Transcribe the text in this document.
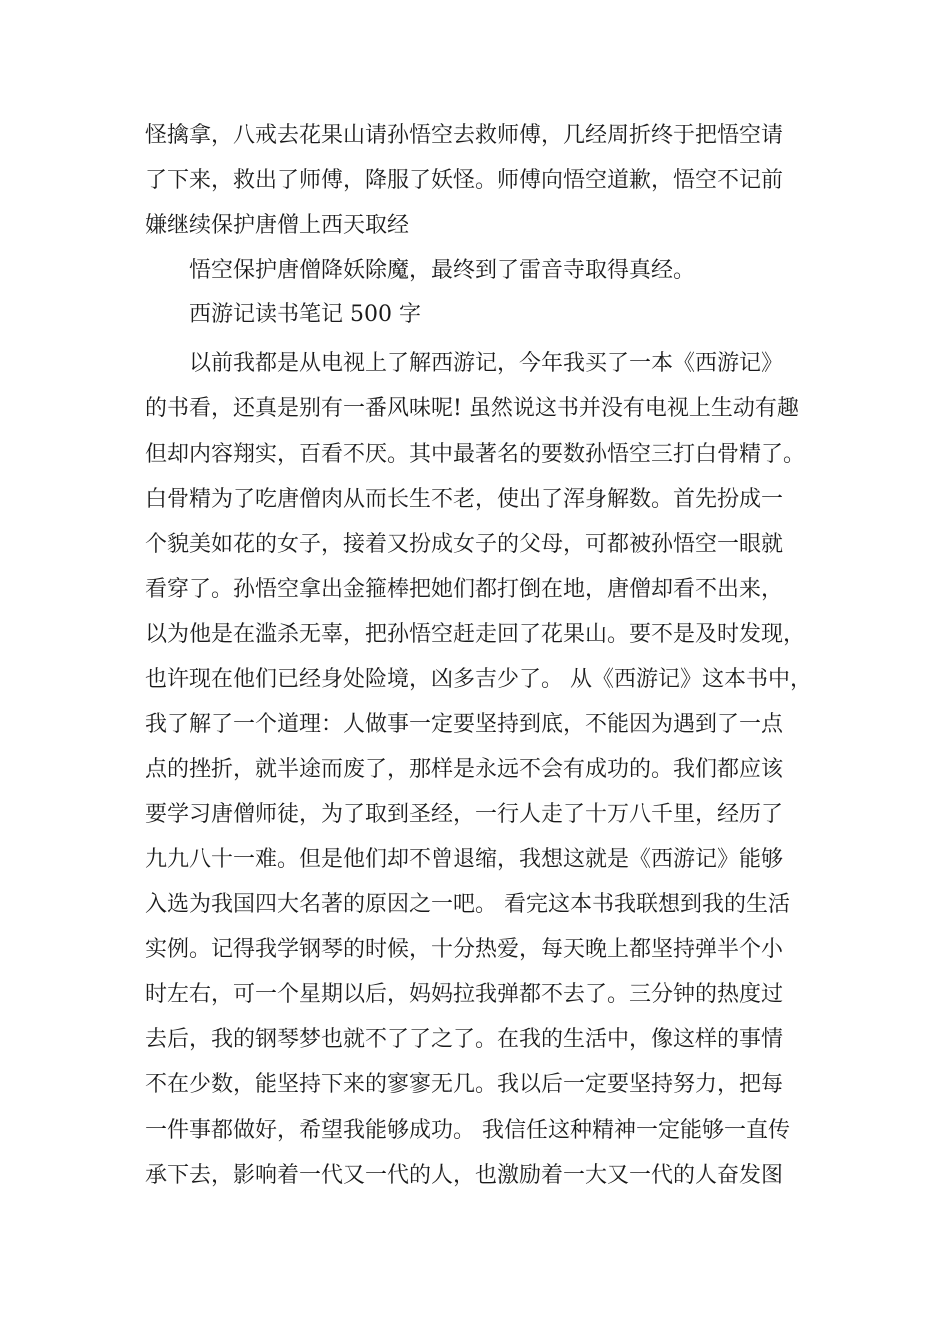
怪擒拿，八戒去花果山请孙悟空去救师傅，几经周折终于把悟空请
了下来，救出了师傅，降服了妖怪。师傅向悟空道歉，悟空不记前
嫌继续保护唐僧上西天取经
悟空保护唐僧降妖除魔，最终到了雷音寺取得真经。
西游记读书笔记 500 字
以前我都是从电视上了解西游记，今年我买了一本《西游记》
的书看，还真是别有一番风味呢! 虽然说这书并没有电视上生动有趣
但却内容翔实，百看不厌。其中最著名的要数孙悟空三打白骨精了。
白骨精为了吃唐僧肉从而长生不老，使出了浑身解数。首先扮成一
个貌美如花的女子，接着又扮成女子的父母，可都被孙悟空一眼就
看穿了。孙悟空拿出金箍棒把她们都打倒在地，唐僧却看不出来，
以为他是在滥杀无辜，把孙悟空赶走回了花果山。要不是及时发现，
也许现在他们已经身处险境，凶多吉少了。 从《西游记》这本书中，
我了解了一个道理：人做事一定要坚持到底，不能因为遇到了一点
点的挫折，就半途而废了，那样是永远不会有成功的。我们都应该
要学习唐僧师徒，为了取到圣经，一行人走了十万八千里，经历了
九九八十一难。但是他们却不曾退缩，我想这就是《西游记》能够
入选为我国四大名著的原因之一吧。 看完这本书我联想到我的生活
实例。记得我学钢琴的时候，十分热爱，每天晚上都坚持弹半个小
时左右，可一个星期以后，妈妈拉我弹都不去了。三分钟的热度过
去后，我的钢琴梦也就不了了之了。在我的生活中，像这样的事情
不在少数，能坚持下来的寥寥无几。我以后一定要坚持努力，把每
一件事都做好，希望我能够成功。 我信任这种精神一定能够一直传
承下去，影响着一代又一代的人，也激励着一大又一代的人奋发图
